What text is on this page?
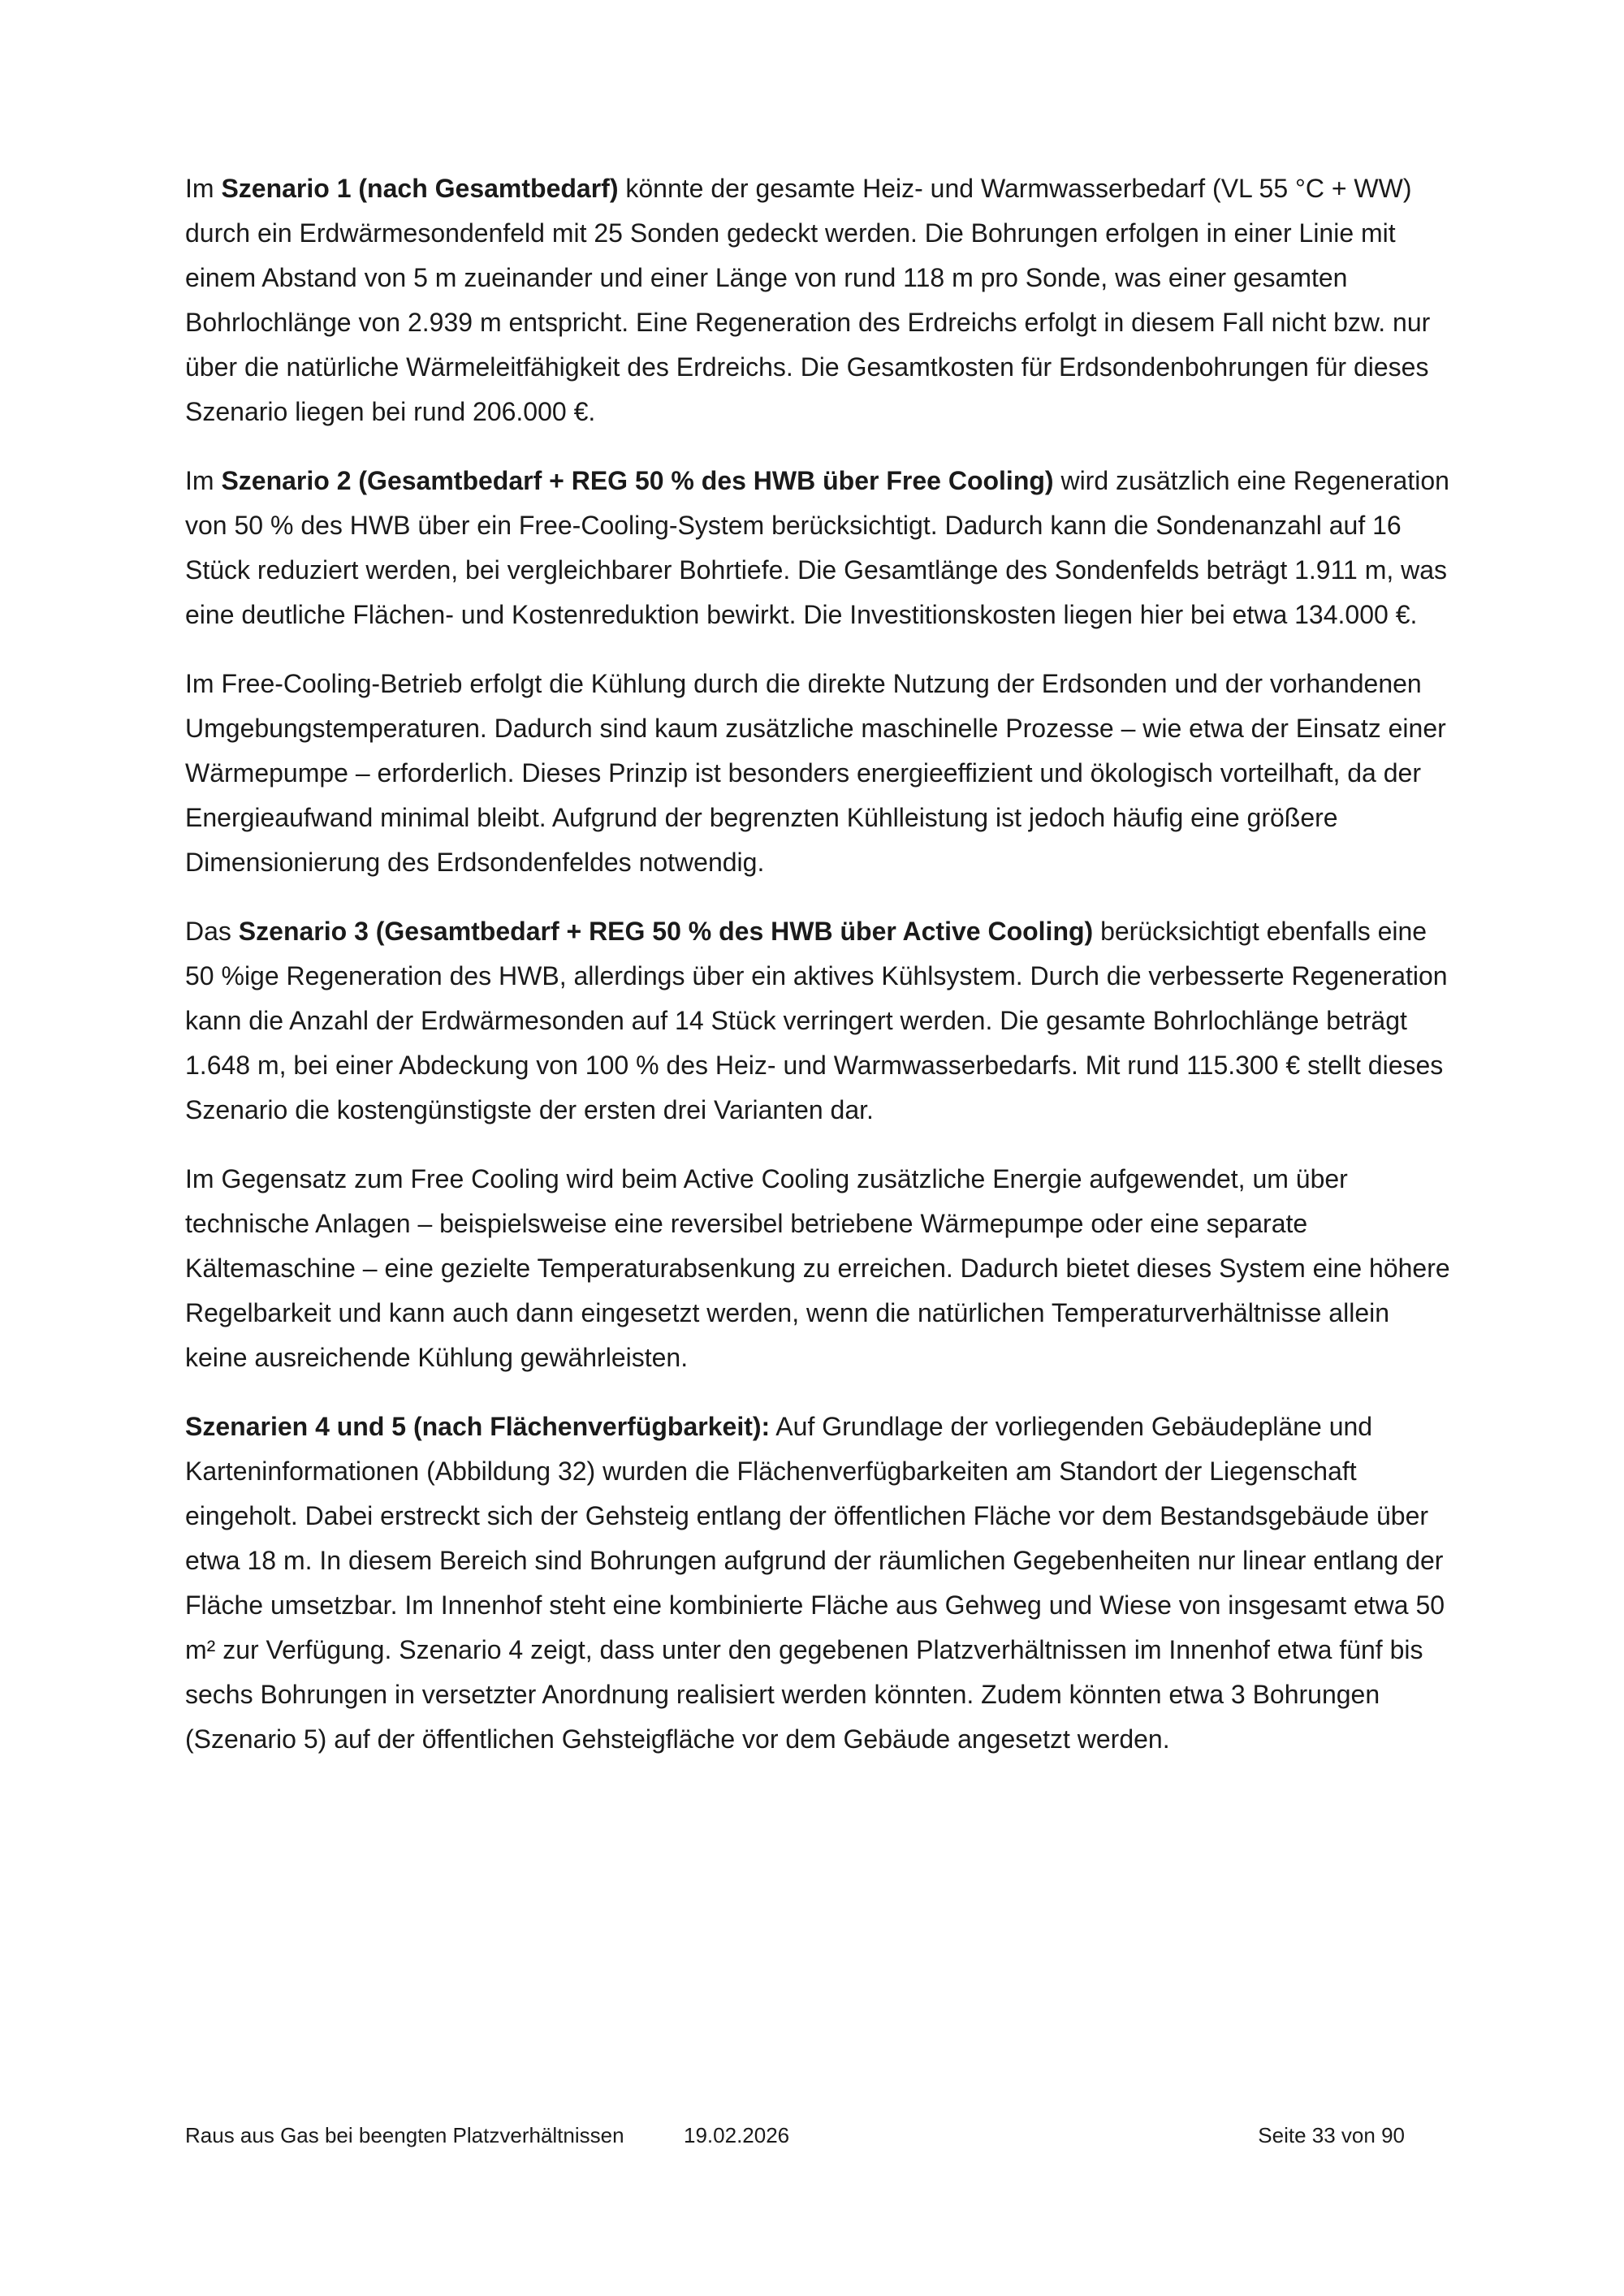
Im Szenario 1 (nach Gesamtbedarf) könnte der gesamte Heiz- und Warmwasserbedarf (VL 55 °C + WW) durch ein Erdwärmesondenfeld mit 25 Sonden gedeckt werden. Die Bohrungen erfolgen in einer Linie mit einem Abstand von 5 m zueinander und einer Länge von rund 118 m pro Sonde, was einer gesamten Bohrlochlänge von 2.939 m entspricht. Eine Regeneration des Erdreichs erfolgt in diesem Fall nicht bzw. nur über die natürliche Wärmeleitfähigkeit des Erdreichs. Die Gesamtkosten für Erdsondenbohrungen für dieses Szenario liegen bei rund 206.000 €.

Im Szenario 2 (Gesamtbedarf + REG 50 % des HWB über Free Cooling) wird zusätzlich eine Regeneration von 50 % des HWB über ein Free-Cooling-System berücksichtigt. Dadurch kann die Sondenanzahl auf 16 Stück reduziert werden, bei vergleichbarer Bohrtiefe. Die Gesamtlänge des Sondenfelds beträgt 1.911 m, was eine deutliche Flächen- und Kostenreduktion bewirkt. Die Investitionskosten liegen hier bei etwa 134.000 €.

Im Free-Cooling-Betrieb erfolgt die Kühlung durch die direkte Nutzung der Erdsonden und der vorhandenen Umgebungstemperaturen. Dadurch sind kaum zusätzliche maschinelle Prozesse – wie etwa der Einsatz einer Wärmepumpe – erforderlich. Dieses Prinzip ist besonders energieeffizient und ökologisch vorteilhaft, da der Energieaufwand minimal bleibt. Aufgrund der begrenzten Kühlleistung ist jedoch häufig eine größere Dimensionierung des Erdsondenfeldes notwendig.

Das Szenario 3 (Gesamtbedarf + REG 50 % des HWB über Active Cooling) berücksichtigt ebenfalls eine 50 %ige Regeneration des HWB, allerdings über ein aktives Kühlsystem. Durch die verbesserte Regeneration kann die Anzahl der Erdwärmesonden auf 14 Stück verringert werden. Die gesamte Bohrlochlänge beträgt 1.648 m, bei einer Abdeckung von 100 % des Heiz- und Warmwasserbedarfs. Mit rund 115.300 € stellt dieses Szenario die kostengünstigste der ersten drei Varianten dar.

Im Gegensatz zum Free Cooling wird beim Active Cooling zusätzliche Energie aufgewendet, um über technische Anlagen – beispielsweise eine reversibel betriebene Wärmepumpe oder eine separate Kältemaschine – eine gezielte Temperaturabsenkung zu erreichen. Dadurch bietet dieses System eine höhere Regelbarkeit und kann auch dann eingesetzt werden, wenn die natürlichen Temperaturverhältnisse allein keine ausreichende Kühlung gewährleisten.

Szenarien 4 und 5 (nach Flächenverfügbarkeit): Auf Grundlage der vorliegenden Gebäudepläne und Karteninformationen (Abbildung 32) wurden die Flächenverfügbarkeiten am Standort der Liegenschaft eingeholt. Dabei erstreckt sich der Gehsteig entlang der öffentlichen Fläche vor dem Bestandsgebäude über etwa 18 m. In diesem Bereich sind Bohrungen aufgrund der räumlichen Gegebenheiten nur linear entlang der Fläche umsetzbar. Im Innenhof steht eine kombinierte Fläche aus Gehweg und Wiese von insgesamt etwa 50 m² zur Verfügung. Szenario 4 zeigt, dass unter den gegebenen Platzverhältnissen im Innenhof etwa fünf bis sechs Bohrungen in versetzter Anordnung realisiert werden könnten. Zudem könnten etwa 3 Bohrungen (Szenario 5) auf der öffentlichen Gehsteigfläche vor dem Gebäude angesetzt werden.

Raus aus Gas bei beengten Platzverhältnissen	19.02.2026	Seite 33 von 90
